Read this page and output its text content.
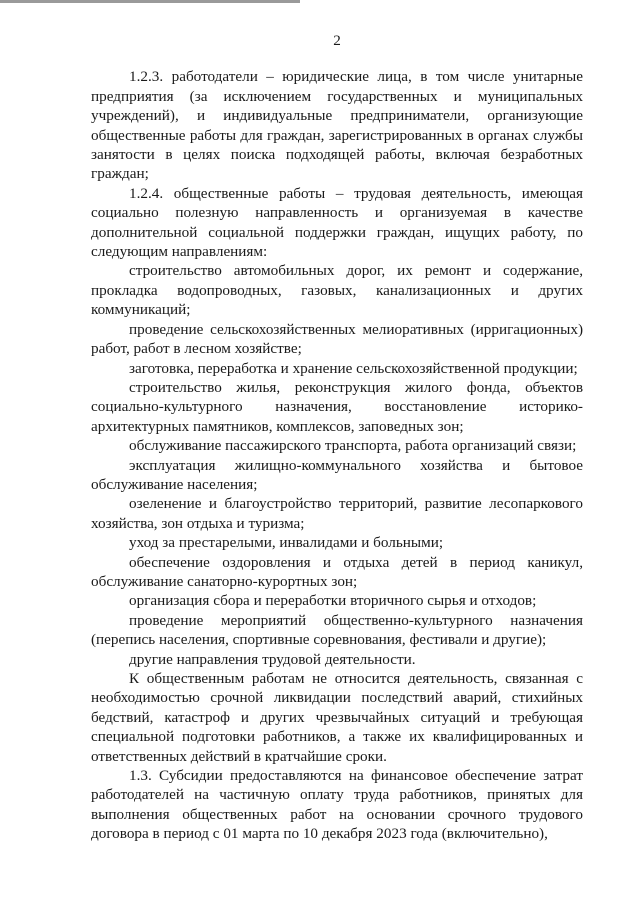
2

1.2.3. работодатели – юридические лица, в том числе унитарные предприятия (за исключением государственных и муниципальных учреждений), и индивидуальные предприниматели, организующие общественные работы для граждан, зарегистрированных в органах службы занятости в целях поиска подходящей работы, включая безработных граждан;

1.2.4. общественные работы – трудовая деятельность, имеющая социально полезную направленность и организуемая в качестве дополнительной социальной поддержки граждан, ищущих работу, по следующим направлениям:

строительство автомобильных дорог, их ремонт и содержание, прокладка водопроводных, газовых, канализационных и других коммуникаций;

проведение сельскохозяйственных мелиоративных (ирригационных) работ, работ в лесном хозяйстве;

заготовка, переработка и хранение сельскохозяйственной продукции;

строительство жилья, реконструкция жилого фонда, объектов социально-культурного назначения, восстановление историко-архитектурных памятников, комплексов, заповедных зон;

обслуживание пассажирского транспорта, работа организаций связи;

эксплуатация жилищно-коммунального хозяйства и бытовое обслуживание населения;

озеленение и благоустройство территорий, развитие лесопаркового хозяйства, зон отдыха и туризма;

уход за престарелыми, инвалидами и больными;

обеспечение оздоровления и отдыха детей в период каникул, обслуживание санаторно-курортных зон;

организация сбора и переработки вторичного сырья и отходов;

проведение мероприятий общественно-культурного назначения (перепись населения, спортивные соревнования, фестивали и другие);

другие направления трудовой деятельности.

К общественным работам не относится деятельность, связанная с необходимостью срочной ликвидации последствий аварий, стихийных бедствий, катастроф и других чрезвычайных ситуаций и требующая специальной подготовки работников, а также их квалифицированных и ответственных действий в кратчайшие сроки.

1.3. Субсидии предоставляются на финансовое обеспечение затрат работодателей на частичную оплату труда работников, принятых для выполнения общественных работ на основании срочного трудового договора в период с 01 марта по 10 декабря 2023 года (включительно),
